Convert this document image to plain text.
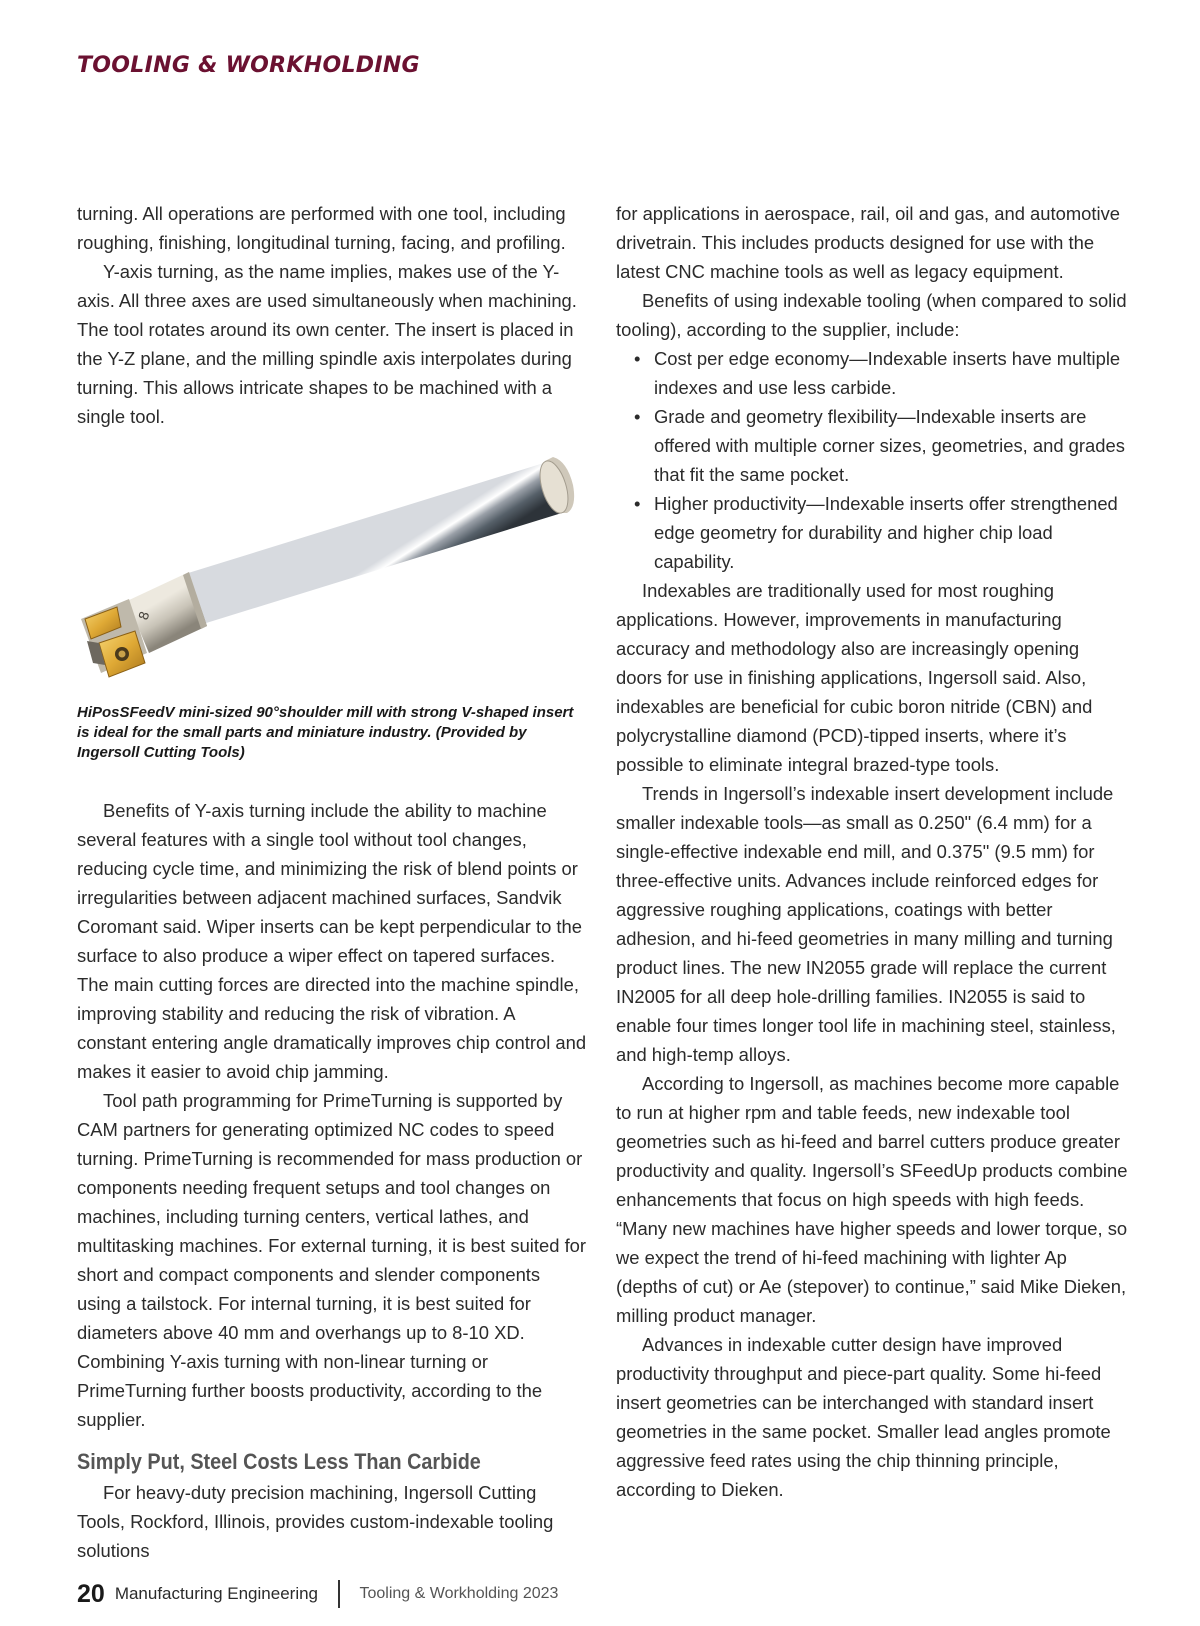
TOOLING & WORKHOLDING

turning. All operations are performed with one tool, including roughing, finishing, longitudinal turning, facing, and profiling.

Y-axis turning, as the name implies, makes use of the Y-axis. All three axes are used simultaneously when machining. The tool rotates around its own center. The insert is placed in the Y-Z plane, and the milling spindle axis interpolates during turning. This allows intricate shapes to be machined with a single tool.

8

HiPosSFeedV mini-sized 90°shoulder mill with strong V-shaped insert is ideal for the small parts and miniature industry. (Provided by Ingersoll Cutting Tools)

Benefits of Y-axis turning include the ability to machine several features with a single tool without tool changes, reducing cycle time, and minimizing the risk of blend points or irregularities between adjacent machined surfaces, Sandvik Coromant said. Wiper inserts can be kept perpendicular to the surface to also produce a wiper effect on tapered surfaces. The main cutting forces are directed into the machine spindle, improving stability and reducing the risk of vibration. A constant entering angle dramatically improves chip control and makes it easier to avoid chip jamming.

Tool path programming for PrimeTurning is supported by CAM partners for generating optimized NC codes to speed turning. PrimeTurning is recommended for mass production or components needing frequent setups and tool changes on machines, including turning centers, vertical lathes, and multitasking machines. For external turning, it is best suited for short and compact components and slender components using a tailstock. For internal turning, it is best suited for diameters above 40 mm and overhangs up to 8-10 XD. Combining Y-axis turning with non-linear turning or PrimeTurning further boosts productivity, according to the supplier.

Simply Put, Steel Costs Less Than Carbide

For heavy-duty precision machining, Ingersoll Cutting Tools, Rockford, Illinois, provides custom-indexable tooling solutions

for applications in aerospace, rail, oil and gas, and automotive drivetrain. This includes products designed for use with the latest CNC machine tools as well as legacy equipment.

Benefits of using indexable tooling (when compared to solid tooling), according to the supplier, include:

• Cost per edge economy—Indexable inserts have multiple indexes and use less carbide.
• Grade and geometry flexibility—Indexable inserts are offered with multiple corner sizes, geometries, and grades that fit the same pocket.
• Higher productivity—Indexable inserts offer strengthened edge geometry for durability and higher chip load capability.

Indexables are traditionally used for most roughing applications. However, improvements in manufacturing accuracy and methodology also are increasingly opening doors for use in finishing applications, Ingersoll said. Also, indexables are beneficial for cubic boron nitride (CBN) and polycrystalline diamond (PCD)-tipped inserts, where it’s possible to eliminate integral brazed-type tools.

Trends in Ingersoll’s indexable insert development include smaller indexable tools—as small as 0.250" (6.4 mm) for a single-effective indexable end mill, and 0.375" (9.5 mm) for three-effective units. Advances include reinforced edges for aggressive roughing applications, coatings with better adhesion, and hi-feed geometries in many milling and turning product lines. The new IN2055 grade will replace the current IN2005 for all deep hole-drilling families. IN2055 is said to enable four times longer tool life in machining steel, stainless, and high-temp alloys.

According to Ingersoll, as machines become more capable to run at higher rpm and table feeds, new indexable tool geometries such as hi-feed and barrel cutters produce greater productivity and quality. Ingersoll’s SFeedUp products combine enhancements that focus on high speeds with high feeds. “Many new machines have higher speeds and lower torque, so we expect the trend of hi-feed machining with lighter Ap (depths of cut) or Ae (stepover) to continue,” said Mike Dieken, milling product manager.

Advances in indexable cutter design have improved productivity throughput and piece-part quality. Some hi-feed insert geometries can be interchanged with standard insert geometries in the same pocket. Smaller lead angles promote aggressive feed rates using the chip thinning principle, according to Dieken.

20 Manufacturing Engineering	Tooling & Workholding 2023
